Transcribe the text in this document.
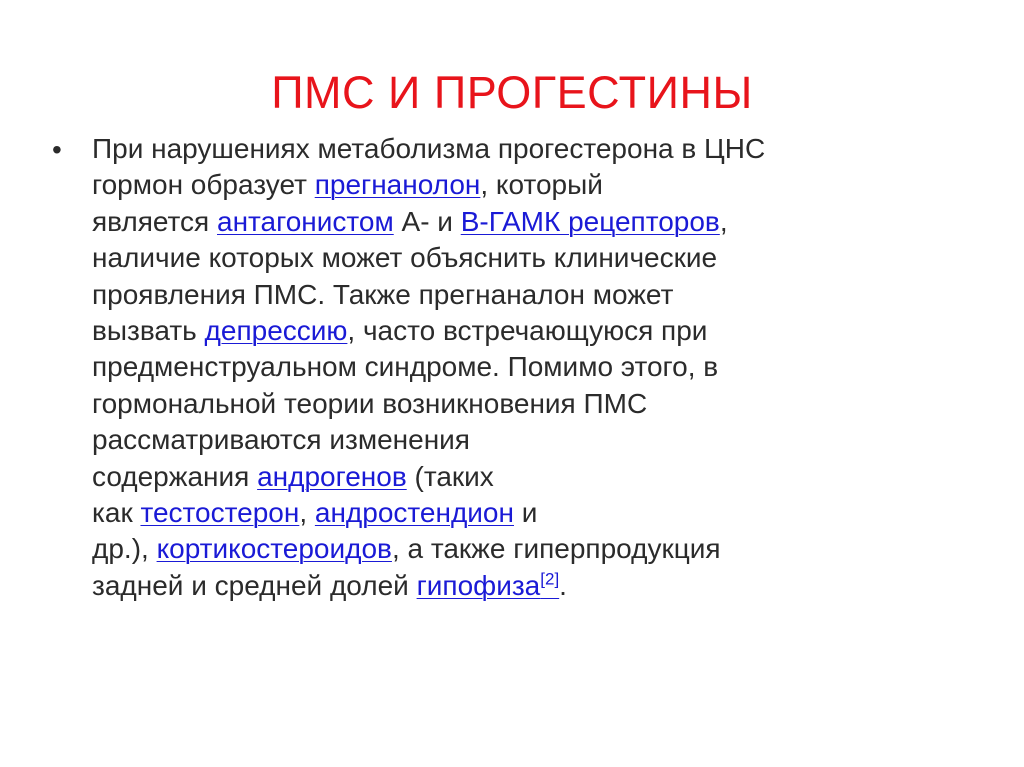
ПМС И ПРОГЕСТИНЫ
• При нарушениях метаболизма прогестерона в ЦНС
гормон образует прегнанолон, который
является антагонистом А- и В-ГАМК рецепторов,
наличие которых может объяснить клинические
проявления ПМС. Также прегнаналон может
вызвать депрессию, часто встречающуюся при
предменструальном синдроме. Помимо этого, в
гормональной теории возникновения ПМС
рассматриваются изменения
содержания андрогенов (таких
как тестостерон, андростендион и
др.), кортикостероидов, а также гиперпродукция
задней и средней долей гипофиза[2].
